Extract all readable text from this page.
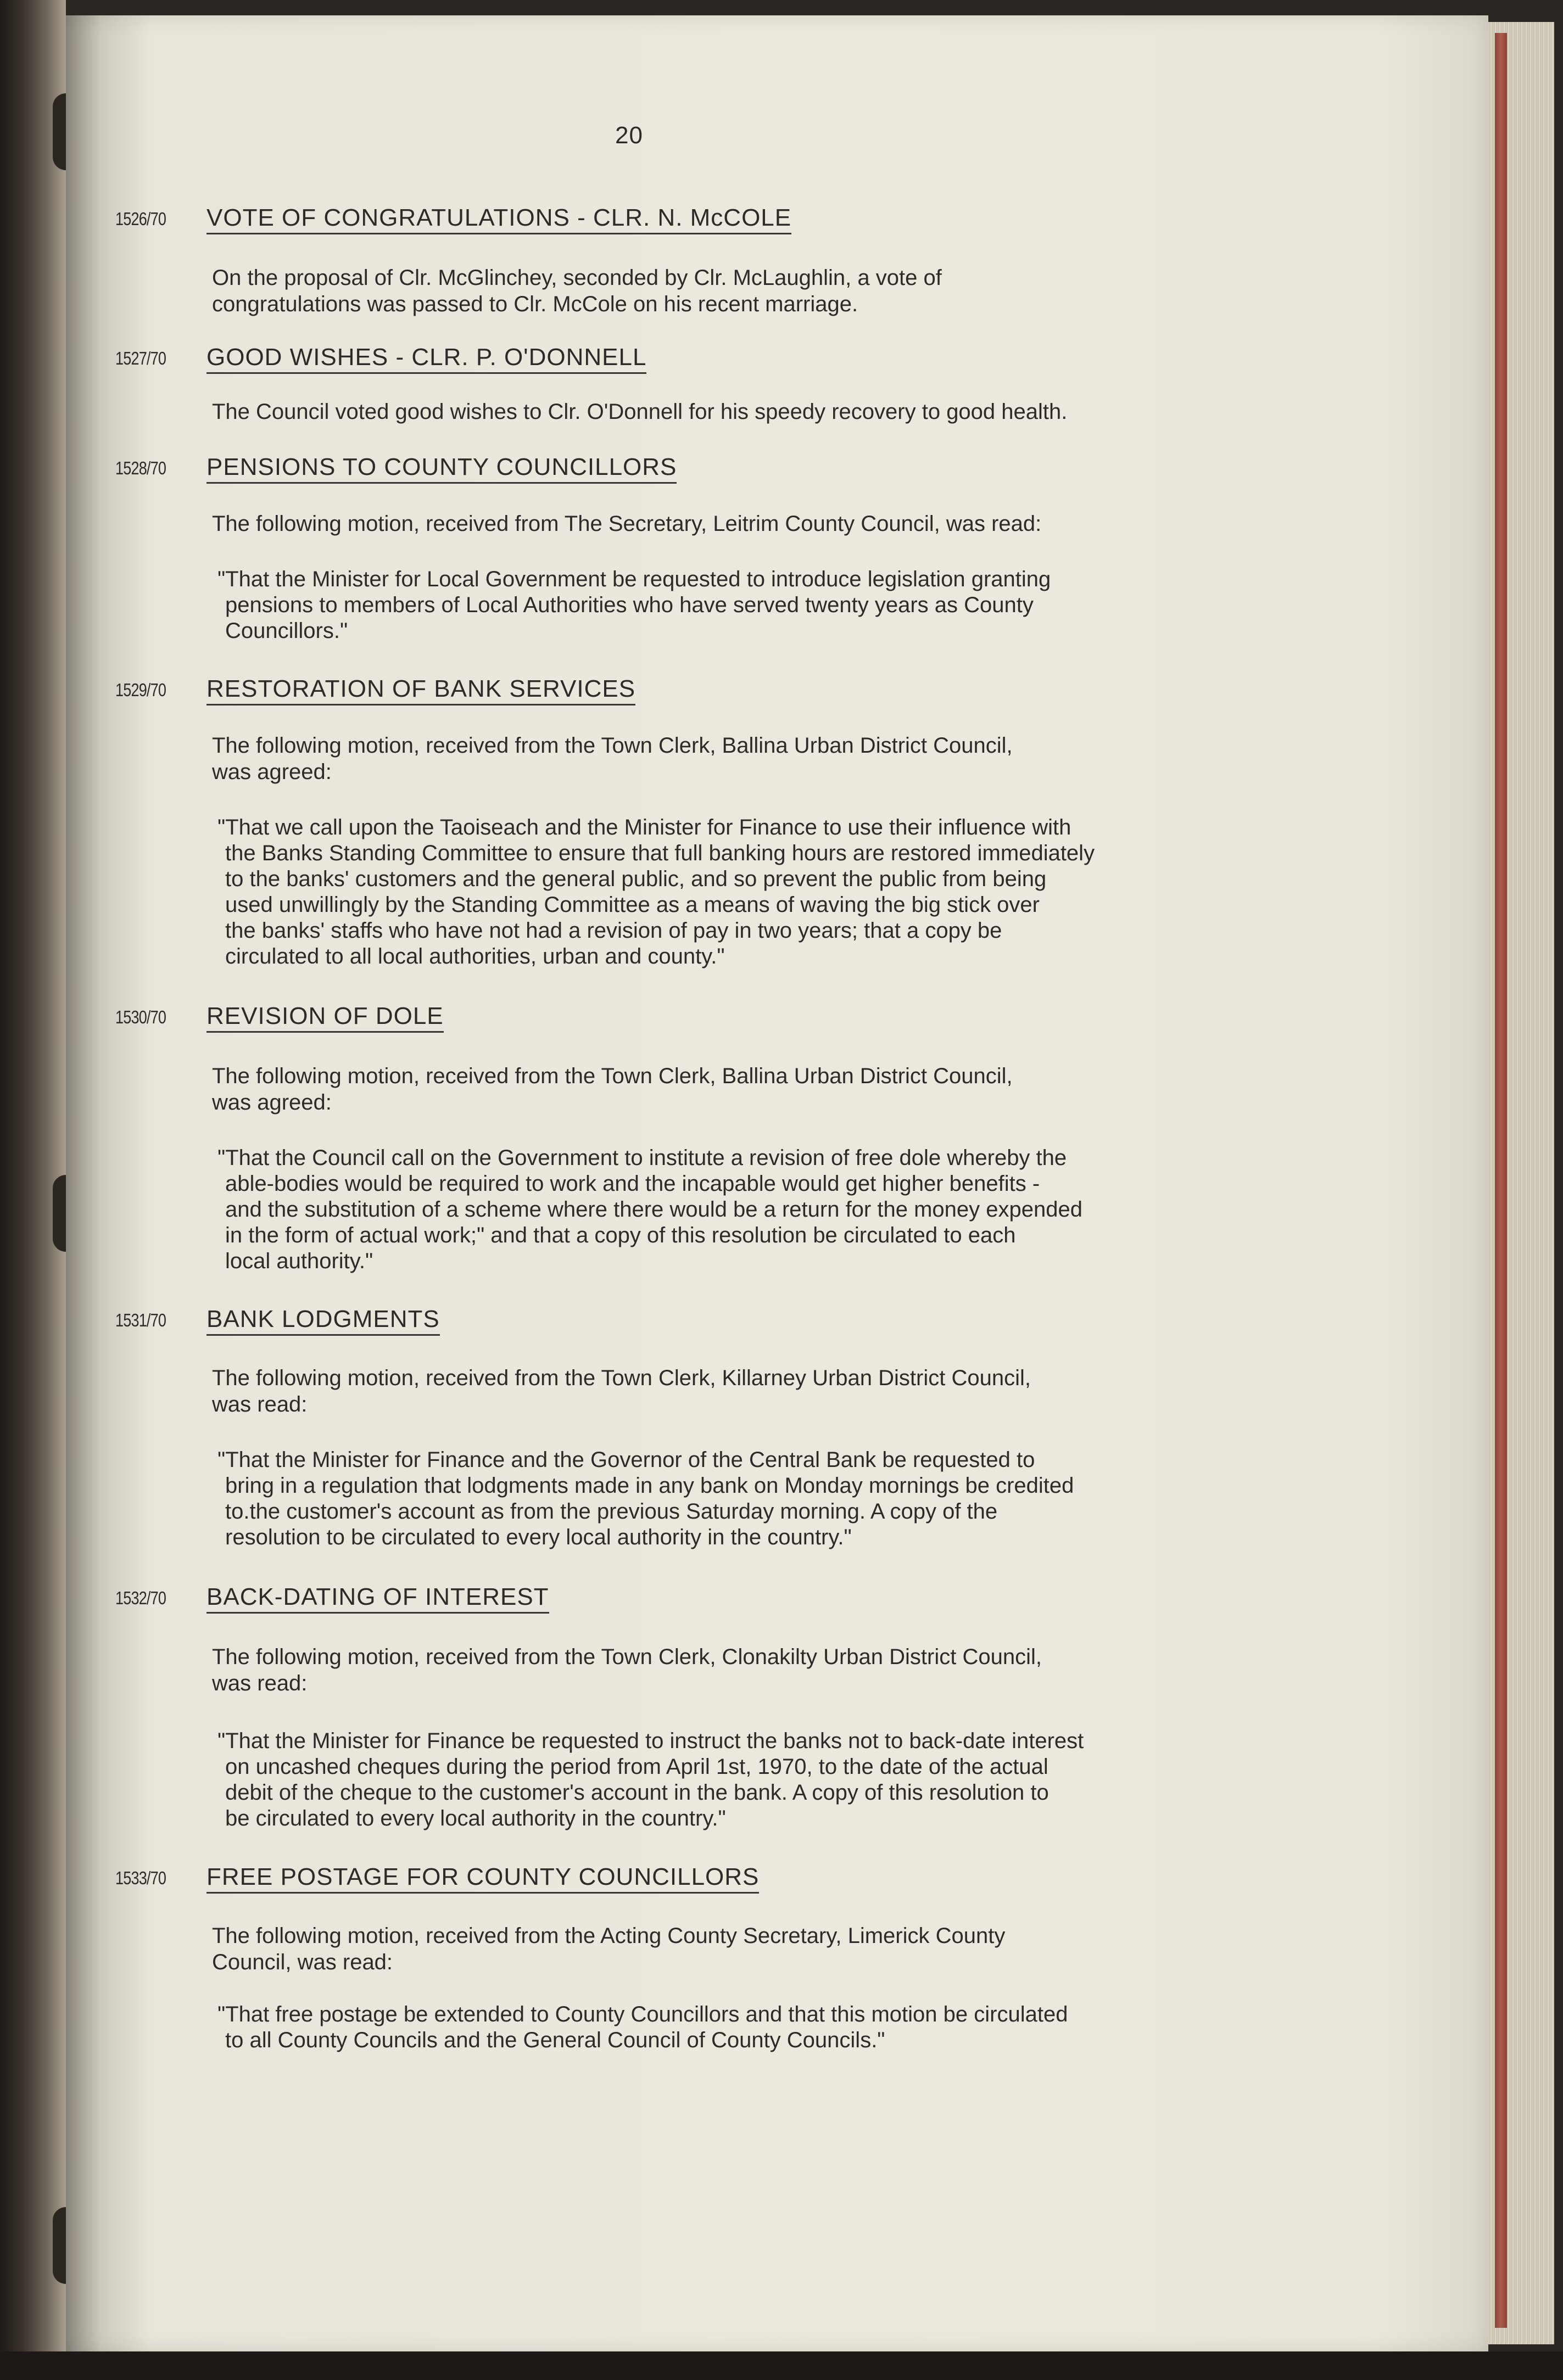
20
1526/70 VOTE OF CONGRATULATIONS - CLR. N. McCOLE

On the proposal of Clr. McGlinchey, seconded by Clr. McLaughlin, a vote of
congratulations was passed to Clr. McCole on his recent marriage.

1527/70 GOOD WISHES - CLR. P. O'DONNELL

The Council voted good wishes to Clr. O'Donnell for his speedy recovery to good health.

1528/70 PENSIONS TO COUNTY COUNCILLORS

The following motion, received from The Secretary, Leitrim County Council, was read:

"That the Minister for Local Government be requested to introduce legislation granting
pensions to members of Local Authorities who have served twenty years as County
Councillors."

1529/70 RESTORATION OF BANK SERVICES

The following motion, received from the Town Clerk, Ballina Urban District Council,
was agreed:

"That we call upon the Taoiseach and the Minister for Finance to use their influence with
the Banks Standing Committee to ensure that full banking hours are restored immediately
to the banks' customers and the general public, and so prevent the public from being
used unwillingly by the Standing Committee as a means of waving the big stick over
the banks' staffs who have not had a revision of pay in two years; that a copy be
circulated to all local authorities, urban and county."

1530/70 REVISION OF DOLE

The following motion, received from the Town Clerk, Ballina Urban District Council,
was agreed:

"That the Council call on the Government to institute a revision of free dole whereby the
able-bodies would be required to work and the incapable would get higher benefits -
and the substitution of a scheme where there would be a return for the money expended
in the form of actual work;" and that a copy of this resolution be circulated to each
local authority."

1531/70 BANK LODGMENTS

The following motion, received from the Town Clerk, Killarney Urban District Council,
was read:

"That the Minister for Finance and the Governor of the Central Bank be requested to
bring in a regulation that lodgments made in any bank on Monday mornings be credited
to.the customer's account as from the previous Saturday morning. A copy of the
resolution to be circulated to every local authority in the country."

1532/70 BACK-DATING OF INTEREST

The following motion, received from the Town Clerk, Clonakilty Urban District Council,
was read:

"That the Minister for Finance be requested to instruct the banks not to back-date interest
on uncashed cheques during the period from April 1st, 1970, to the date of the actual
debit of the cheque to the customer's account in the bank. A copy of this resolution to
be circulated to every local authority in the country."

1533/70 FREE POSTAGE FOR COUNTY COUNCILLORS

The following motion, received from the Acting County Secretary, Limerick County
Council, was read:

"That free postage be extended to County Councillors and that this motion be circulated
to all County Councils and the General Council of County Councils."
